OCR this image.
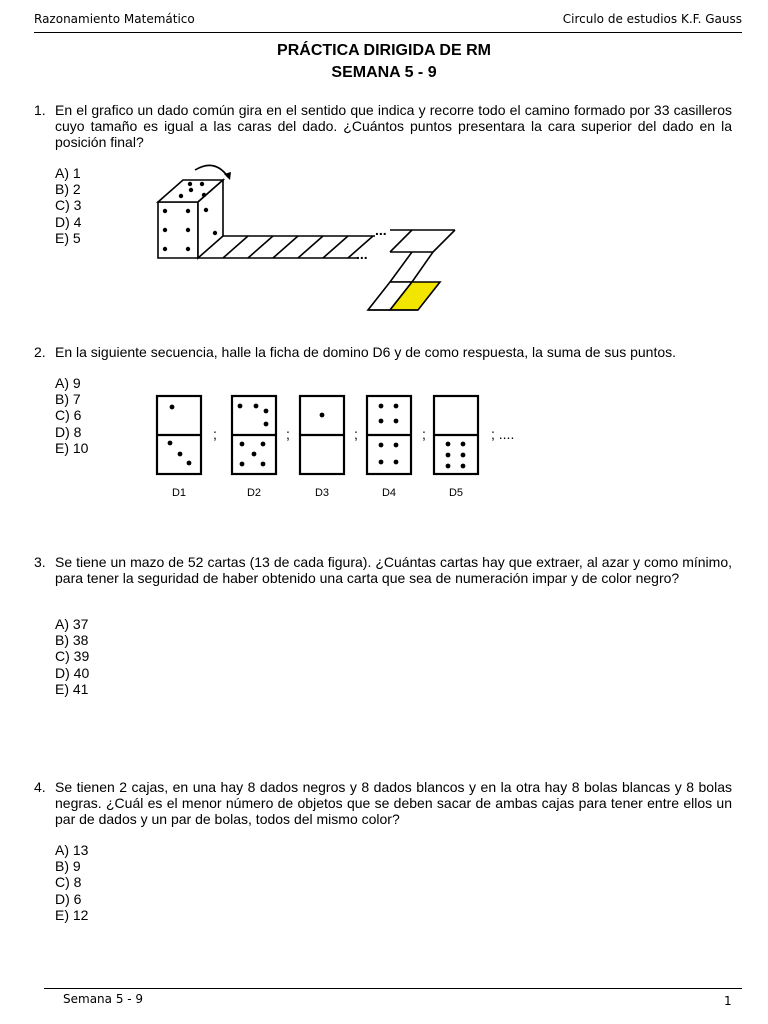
Razonamiento Matemático	Circulo de estudios K.F. Gauss
PRÁCTICA DIRIGIDA DE RM
SEMANA 5 - 9
1. En el grafico un dado común gira en el sentido que indica y recorre todo el camino formado por 33 casilleros cuyo tamaño es igual a las caras del dado. ¿Cuántos puntos presentara la cara superior del dado en la posición final?
A) 1
B) 2
C) 3
D) 4
E) 5	...
...
2. En la siguiente secuencia, halle la ficha de domino D6 y de como respuesta, la suma de sus puntos.
A) 9
B) 7
C) 6
D) 8
E) 10
;	;	;	;	; ....
D1	D2	D3	D4	D5
3. Se tiene un mazo de 52 cartas (13 de cada figura). ¿Cuántas cartas hay que extraer, al azar y como mínimo, para tener la seguridad de haber obtenido una carta que sea de numeración impar y de color negro?
A) 37
B) 38
C) 39
D) 40
E) 41
4. Se tienen 2 cajas, en una hay 8 dados negros y 8 dados blancos y en la otra hay 8 bolas blancas y 8 bolas negras. ¿Cuál es el menor número de objetos que se deben sacar de ambas cajas para tener entre ellos un par de dados y un par de bolas, todos del mismo color?
A) 13
B) 9
C) 8
D) 6
E) 12
Semana 5 - 9	1
